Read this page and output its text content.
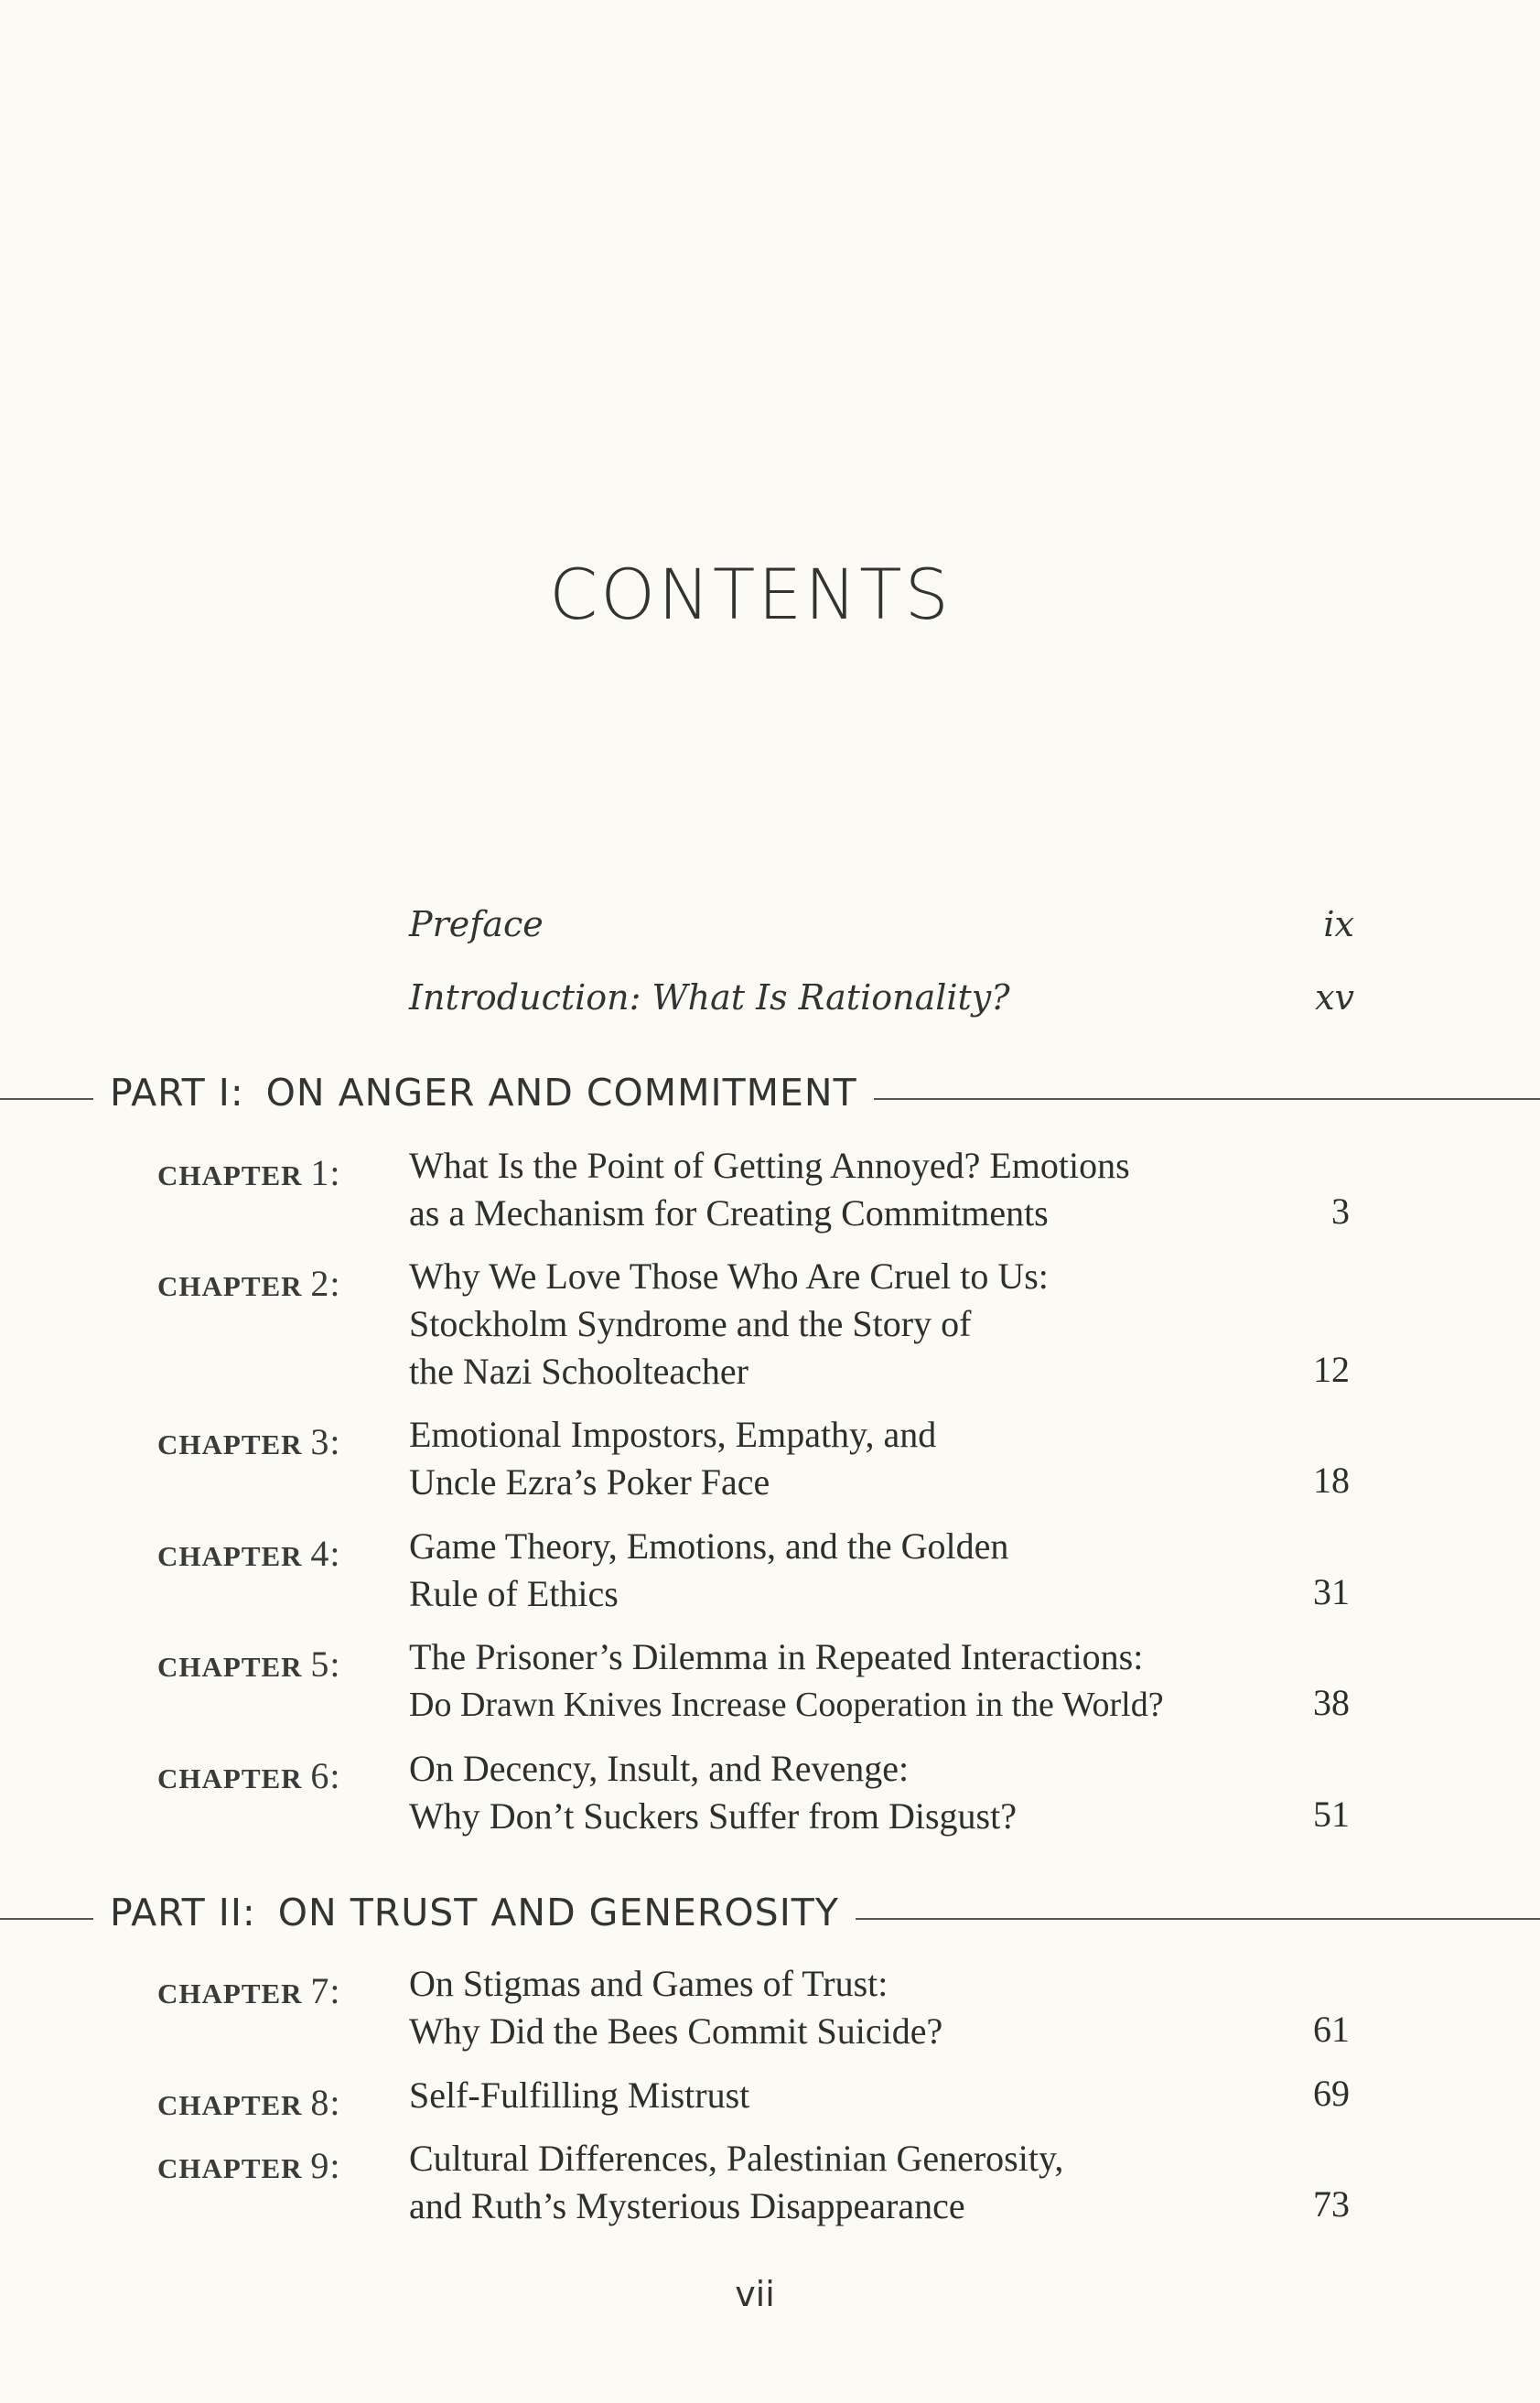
CONTENTS
Preface	ix
Introduction: What Is Rationality?	xv
PART I: ON ANGER AND COMMITMENT
CHAPTER 1: What Is the Point of Getting Annoyed? Emotions
as a Mechanism for Creating Commitments	3
CHAPTER 2: Why We Love Those Who Are Cruel to Us:
Stockholm Syndrome and the Story of
the Nazi Schoolteacher	12
CHAPTER 3: Emotional Impostors, Empathy, and
Uncle Ezra’s Poker Face	18
CHAPTER 4: Game Theory, Emotions, and the Golden
Rule of Ethics	31
CHAPTER 5: The Prisoner’s Dilemma in Repeated Interactions:
Do Drawn Knives Increase Cooperation in the World?	38
CHAPTER 6: On Decency, Insult, and Revenge:
Why Don’t Suckers Suffer from Disgust?	51
PART II: ON TRUST AND GENEROSITY
CHAPTER 7: On Stigmas and Games of Trust:
Why Did the Bees Commit Suicide?	61
CHAPTER 8: Self-Fulfilling Mistrust	69
CHAPTER 9: Cultural Differences, Palestinian Generosity,
and Ruth’s Mysterious Disappearance	73
vii
